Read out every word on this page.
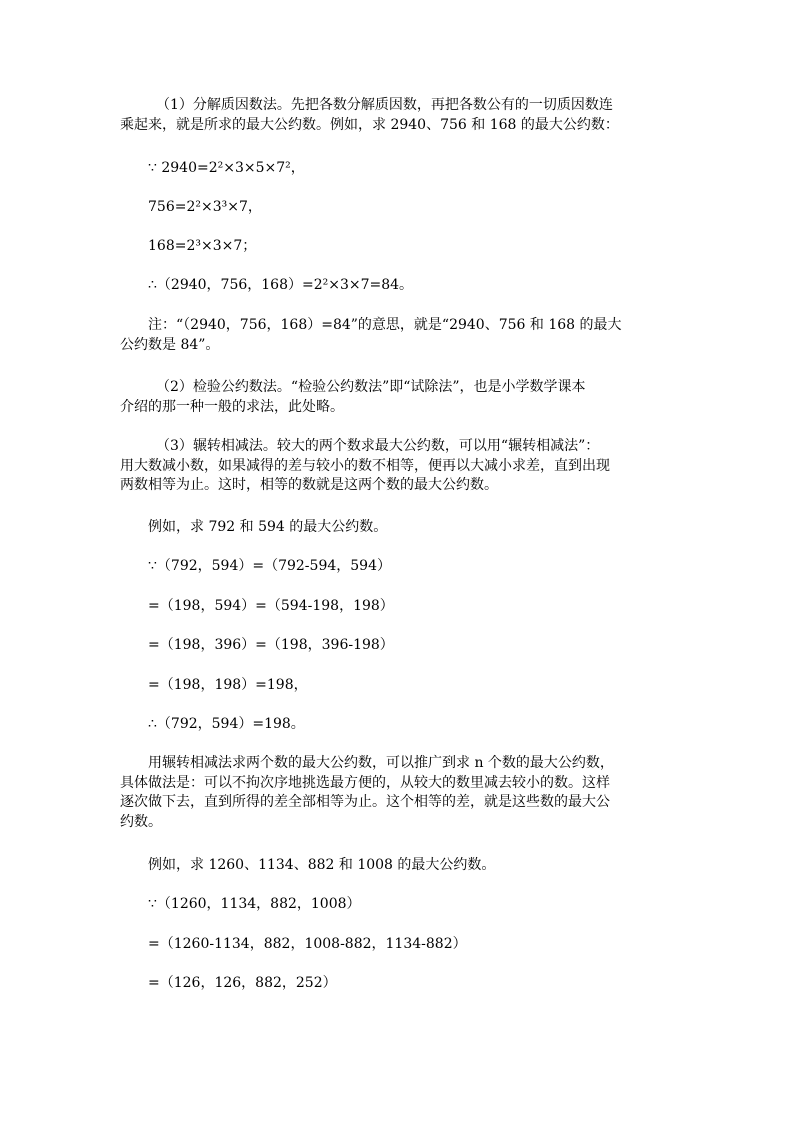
（1）分解质因数法。先把各数分解质因数，再把各数公有的一切质因数连
乘起来，就是所求的最大公约数。例如，求 2940、756 和 168 的最大公约数：
∵ 2940=2²×3×5×7²，
756=2²×3³×7，
168=2³×3×7；
∴（2940，756，168）=2²×3×7=84。
注：“（2940，756，168）=84”的意思，就是“2940、756 和 168 的最大
公约数是 84”。
（2）检验公约数法。“检验公约数法”即“试除法”，也是小学数学课本
介绍的那一种一般的求法，此处略。
（3）辗转相减法。较大的两个数求最大公约数，可以用“辗转相减法”：
用大数减小数，如果减得的差与较小的数不相等，便再以大减小求差，直到出现
两数相等为止。这时，相等的数就是这两个数的最大公约数。
例如，求 792 和 594 的最大公约数。
∵（792，594）=（792-594，594）
=（198，594）=（594-198，198）
=（198，396）=（198，396-198）
=（198，198）=198，
∴（792，594）=198。
用辗转相减法求两个数的最大公约数，可以推广到求 n 个数的最大公约数，
具体做法是：可以不拘次序地挑选最方便的，从较大的数里减去较小的数。这样
逐次做下去，直到所得的差全部相等为止。这个相等的差，就是这些数的最大公
约数。
例如，求 1260、1134、882 和 1008 的最大公约数。
∵（1260，1134，882，1008）
=（1260-1134，882，1008-882，1134-882）
=（126，126，882，252）
